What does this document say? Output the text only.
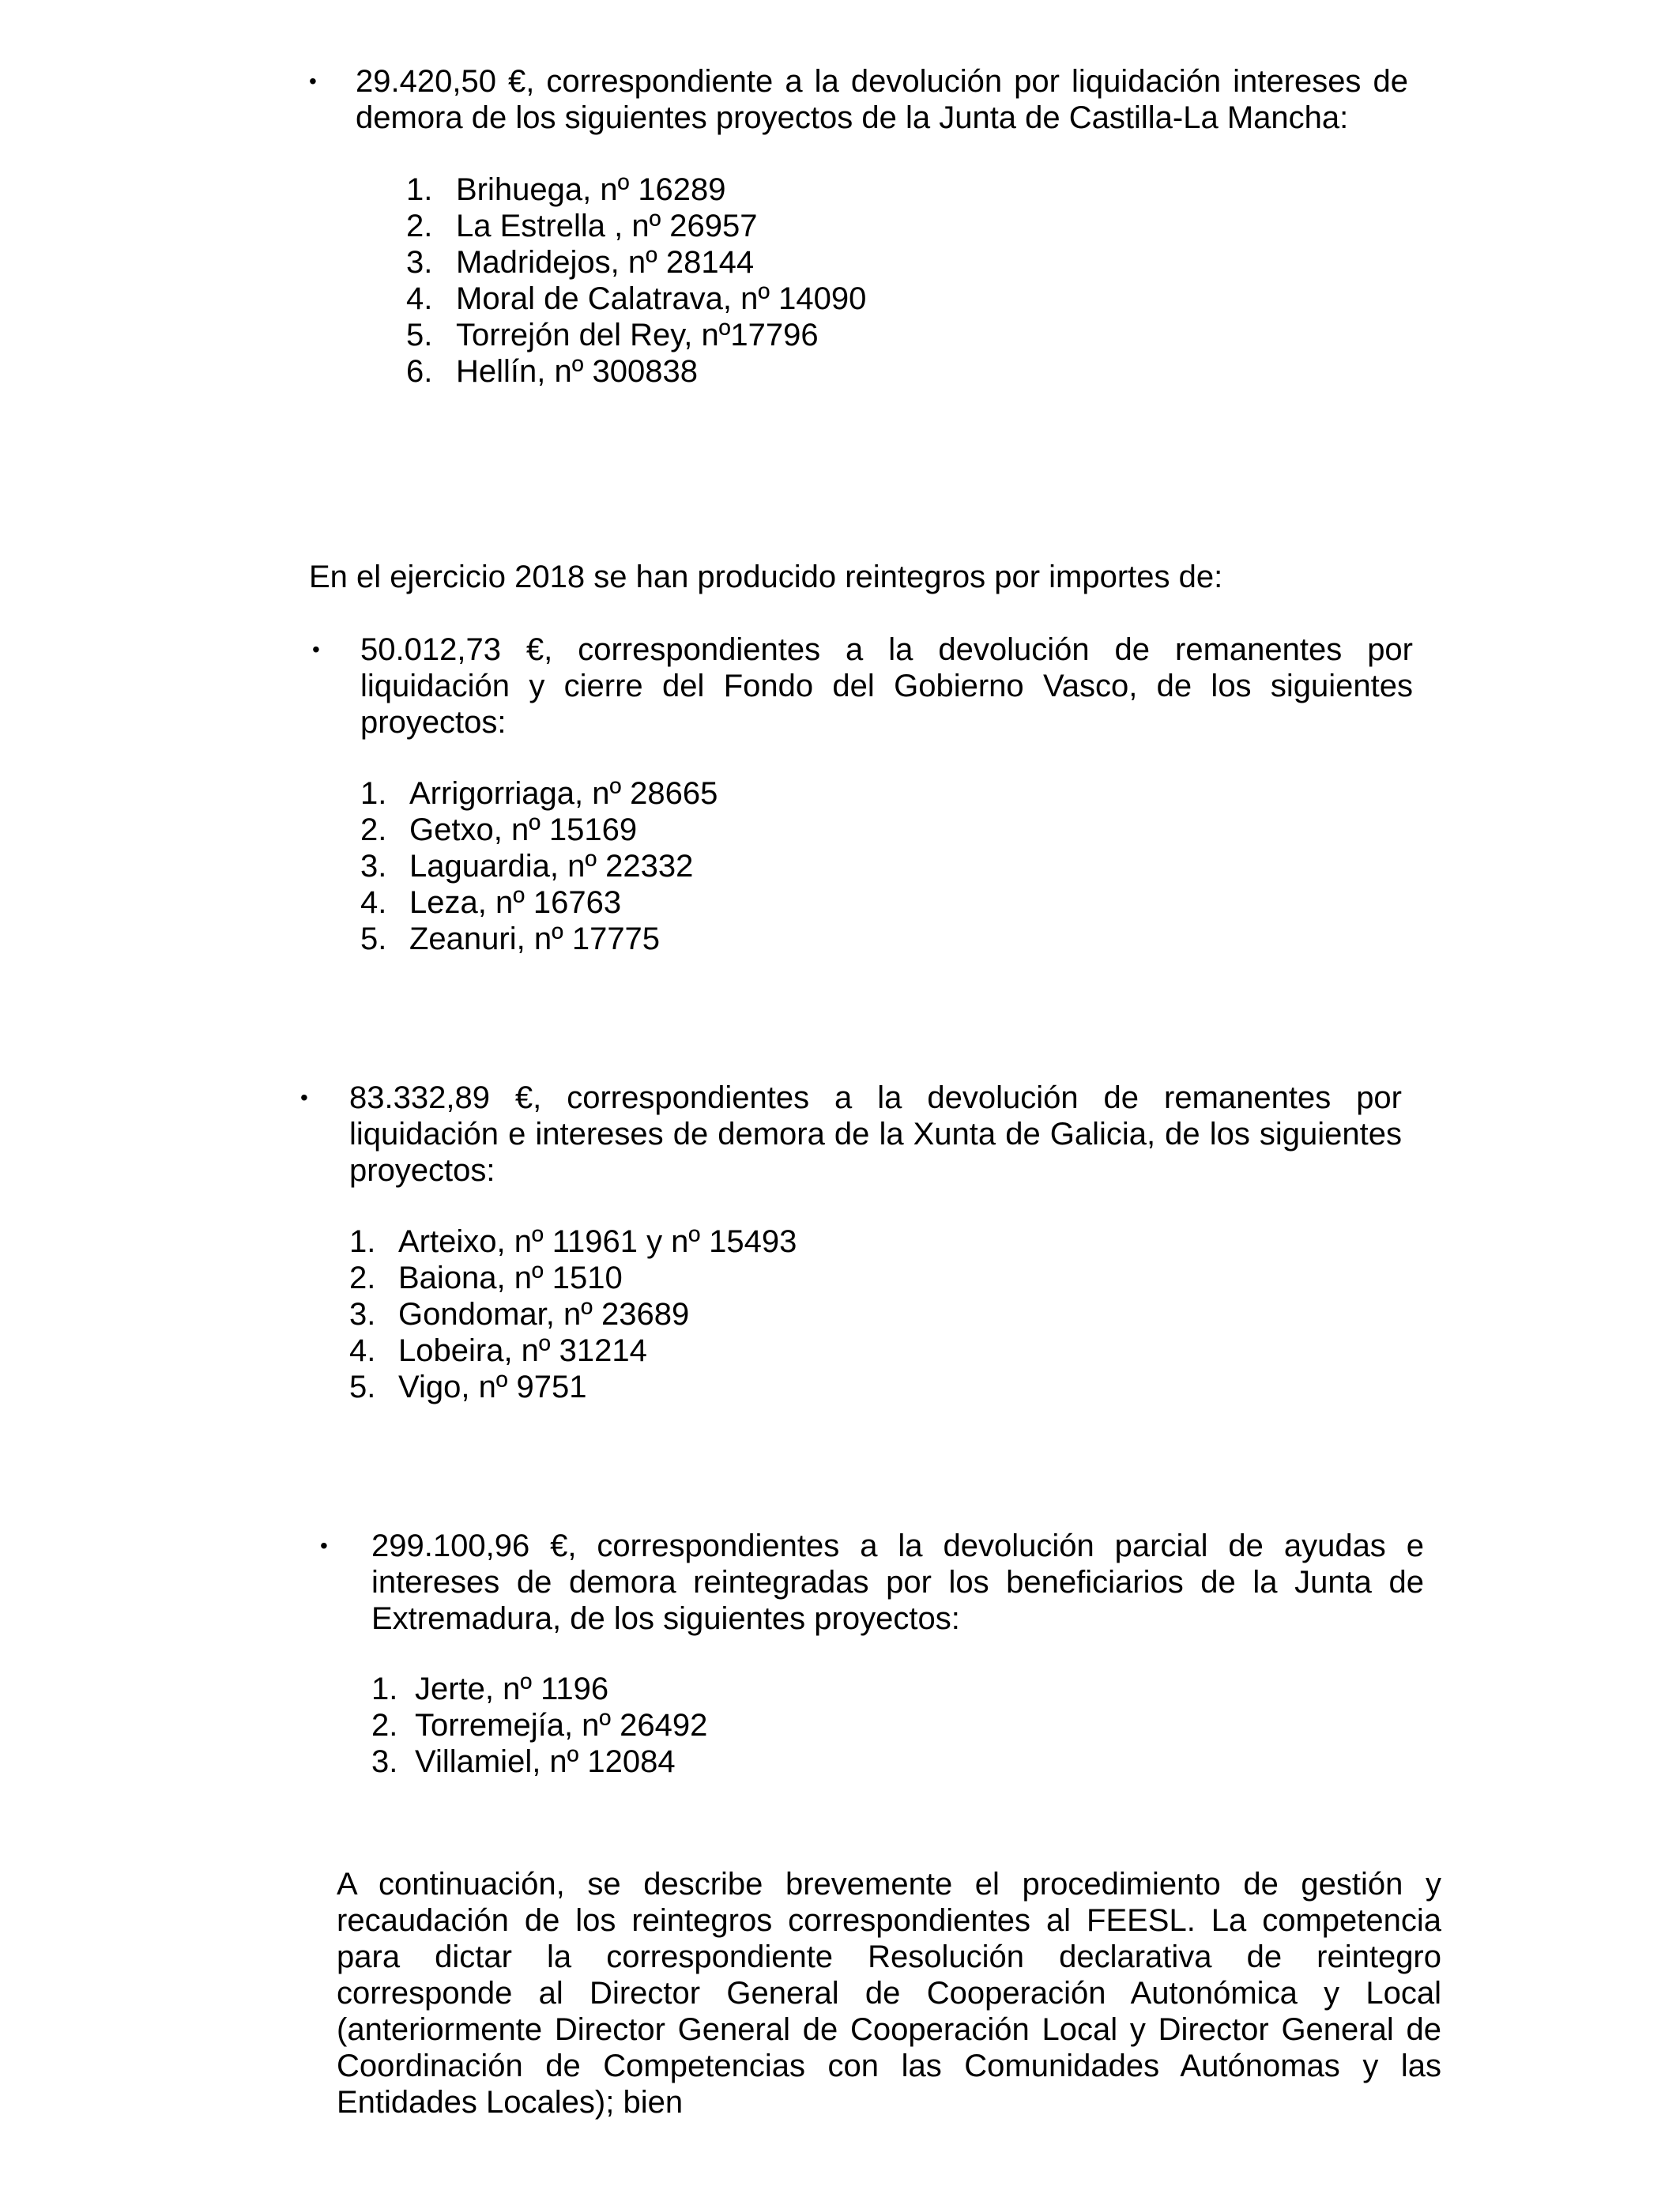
• 29.420,50 €, correspondiente a la devolución por liquidación intereses de demora de los siguientes proyectos de la Junta de Castilla-La Mancha:
1. Brihuega, nº 16289
2. La Estrella , nº 26957
3. Madridejos, nº 28144
4. Moral de Calatrava, nº 14090
5. Torrejón del Rey, nº17796
6. Hellín, nº 300838
En el ejercicio 2018 se han producido reintegros por importes de:
• 50.012,73 €, correspondientes a la devolución de remanentes por liquidación y cierre del Fondo del Gobierno Vasco, de los siguientes proyectos:
1. Arrigorriaga, nº 28665
2. Getxo, nº 15169
3. Laguardia, nº 22332
4. Leza, nº 16763
5. Zeanuri, nº 17775
• 83.332,89 €, correspondientes a la devolución de remanentes por liquidación e intereses de demora de la Xunta de Galicia, de los siguientes proyectos:
1. Arteixo, nº 11961 y nº 15493
2. Baiona, nº 1510
3. Gondomar, nº 23689
4. Lobeira, nº 31214
5. Vigo, nº 9751
• 299.100,96 €, correspondientes a la devolución parcial de ayudas e intereses de demora reintegradas por los beneficiarios de la Junta de Extremadura, de los siguientes proyectos:
1. Jerte, nº 1196
2. Torremejía, nº 26492
3. Villamiel, nº 12084
A continuación, se describe brevemente el procedimiento de gestión y recaudación de los reintegros correspondientes al FEESL. La competencia para dictar la correspondiente Resolución declarativa de reintegro corresponde al Director General de Cooperación Autonómica y Local (anteriormente Director General de Cooperación Local y Director General de Coordinación de Competencias con las Comunidades Autónomas y las Entidades Locales); bien
